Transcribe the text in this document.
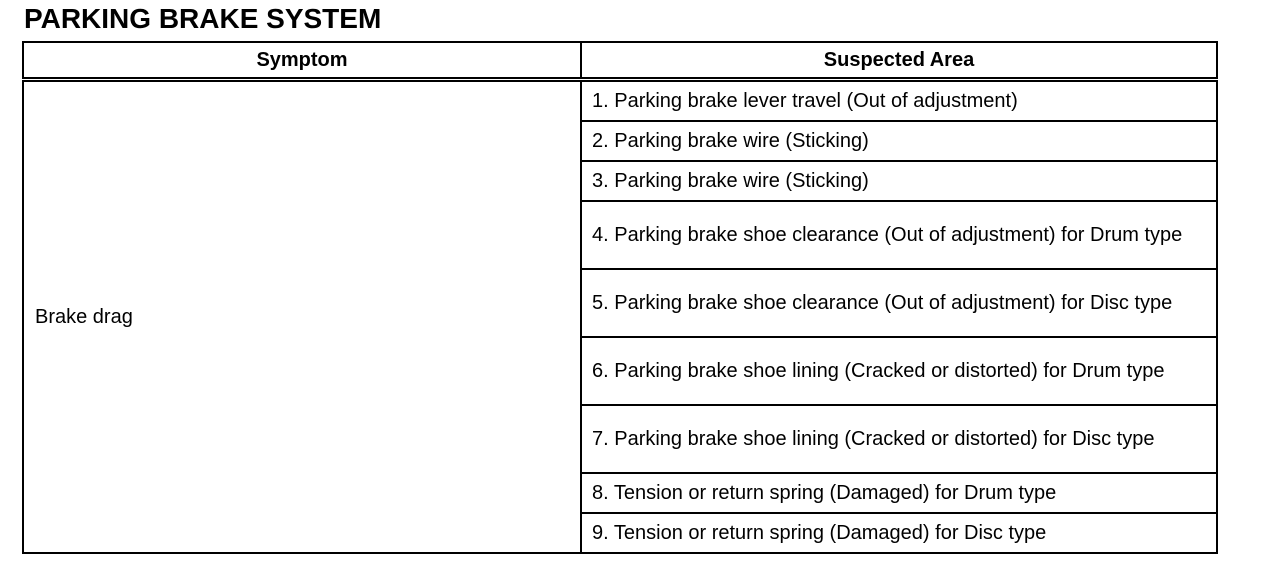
PARKING BRAKE SYSTEM
Symptom	Suspected Area
Brake drag	1. Parking brake lever travel (Out of adjustment)
	2. Parking brake wire (Sticking)
	3. Parking brake wire (Sticking)
	4. Parking brake shoe clearance (Out of adjustment) for Drum type
	5. Parking brake shoe clearance (Out of adjustment) for Disc type
	6. Parking brake shoe lining (Cracked or distorted) for Drum type
	7. Parking brake shoe lining (Cracked or distorted) for Disc type
	8. Tension or return spring (Damaged) for Drum type
	9. Tension or return spring (Damaged) for Disc type
